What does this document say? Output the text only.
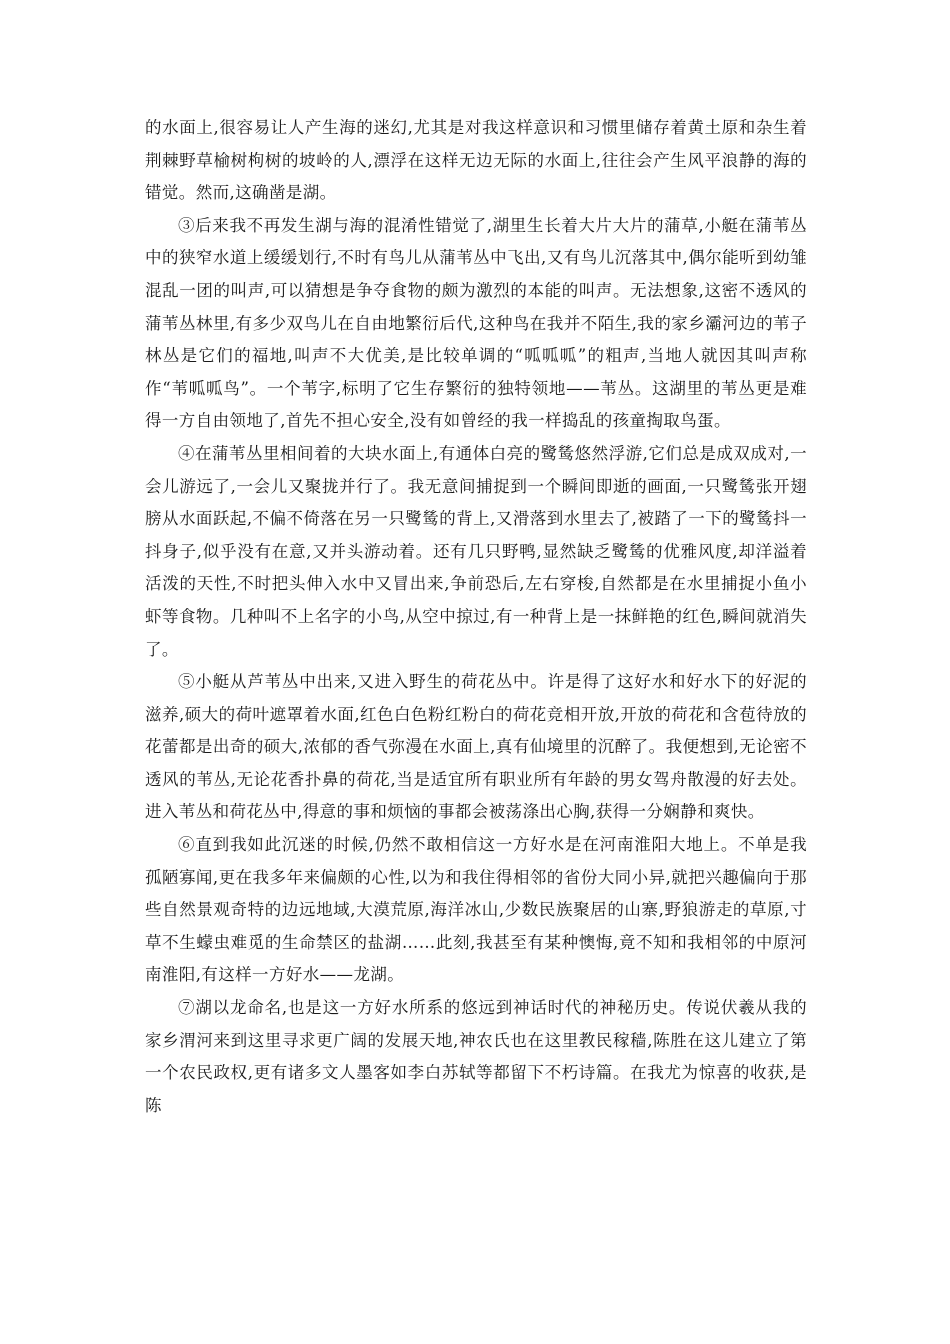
的水面上,很容易让人产生海的迷幻,尤其是对我这样意识和习惯里储存着黄土原和杂生着荆棘野草榆树枸树的坡岭的人,漂浮在这样无边无际的水面上,往往会产生风平浪静的海的错觉。然而,这确凿是湖。

③后来我不再发生湖与海的混淆性错觉了,湖里生长着大片大片的蒲草,小艇在蒲苇丛中的狭窄水道上缓缓划行,不时有鸟儿从蒲苇丛中飞出,又有鸟儿沉落其中,偶尔能听到幼雏混乱一团的叫声,可以猜想是争夺食物的颇为激烈的本能的叫声。无法想象,这密不透风的蒲苇丛林里,有多少双鸟儿在自由地繁衍后代,这种鸟在我并不陌生,我的家乡灞河边的苇子林丛是它们的福地,叫声不大优美,是比较单调的“呱呱呱”的粗声,当地人就因其叫声称作“苇呱呱鸟”。一个苇字,标明了它生存繁衍的独特领地——苇丛。这湖里的苇丛更是难得一方自由领地了,首先不担心安全,没有如曾经的我一样捣乱的孩童掏取鸟蛋。

④在蒲苇丛里相间着的大块水面上,有通体白亮的鹭鸶悠然浮游,它们总是成双成对,一会儿游远了,一会儿又聚拢并行了。我无意间捕捉到一个瞬间即逝的画面,一只鹭鸶张开翅膀从水面跃起,不偏不倚落在另一只鹭鸶的背上,又滑落到水里去了,被踏了一下的鹭鸶抖一抖身子,似乎没有在意,又并头游动着。还有几只野鸭,显然缺乏鹭鸶的优雅风度,却洋溢着活泼的天性,不时把头伸入水中又冒出来,争前恐后,左右穿梭,自然都是在水里捕捉小鱼小虾等食物。几种叫不上名字的小鸟,从空中掠过,有一种背上是一抹鲜艳的红色,瞬间就消失了。

⑤小艇从芦苇丛中出来,又进入野生的荷花丛中。许是得了这好水和好水下的好泥的滋养,硕大的荷叶遮罩着水面,红色白色粉红粉白的荷花竞相开放,开放的荷花和含苞待放的花蕾都是出奇的硕大,浓郁的香气弥漫在水面上,真有仙境里的沉醉了。我便想到,无论密不透风的苇丛,无论花香扑鼻的荷花,当是适宜所有职业所有年龄的男女驾舟散漫的好去处。进入苇丛和荷花丛中,得意的事和烦恼的事都会被荡涤出心胸,获得一分娴静和爽快。

⑥直到我如此沉迷的时候,仍然不敢相信这一方好水是在河南淮阳大地上。不单是我孤陋寡闻,更在我多年来偏颇的心性,以为和我住得相邻的省份大同小异,就把兴趣偏向于那些自然景观奇特的边远地域,大漠荒原,海洋冰山,少数民族聚居的山寨,野狼游走的草原,寸草不生蠓虫难觅的生命禁区的盐湖……此刻,我甚至有某种懊悔,竟不知和我相邻的中原河南淮阳,有这样一方好水——龙湖。

⑦湖以龙命名,也是这一方好水所系的悠远到神话时代的神秘历史。传说伏羲从我的家乡渭河来到这里寻求更广阔的发展天地,神农氏也在这里教民稼穑,陈胜在这儿建立了第一个农民政权,更有诸多文人墨客如李白苏轼等都留下不朽诗篇。在我尤为惊喜的收获,是陈
